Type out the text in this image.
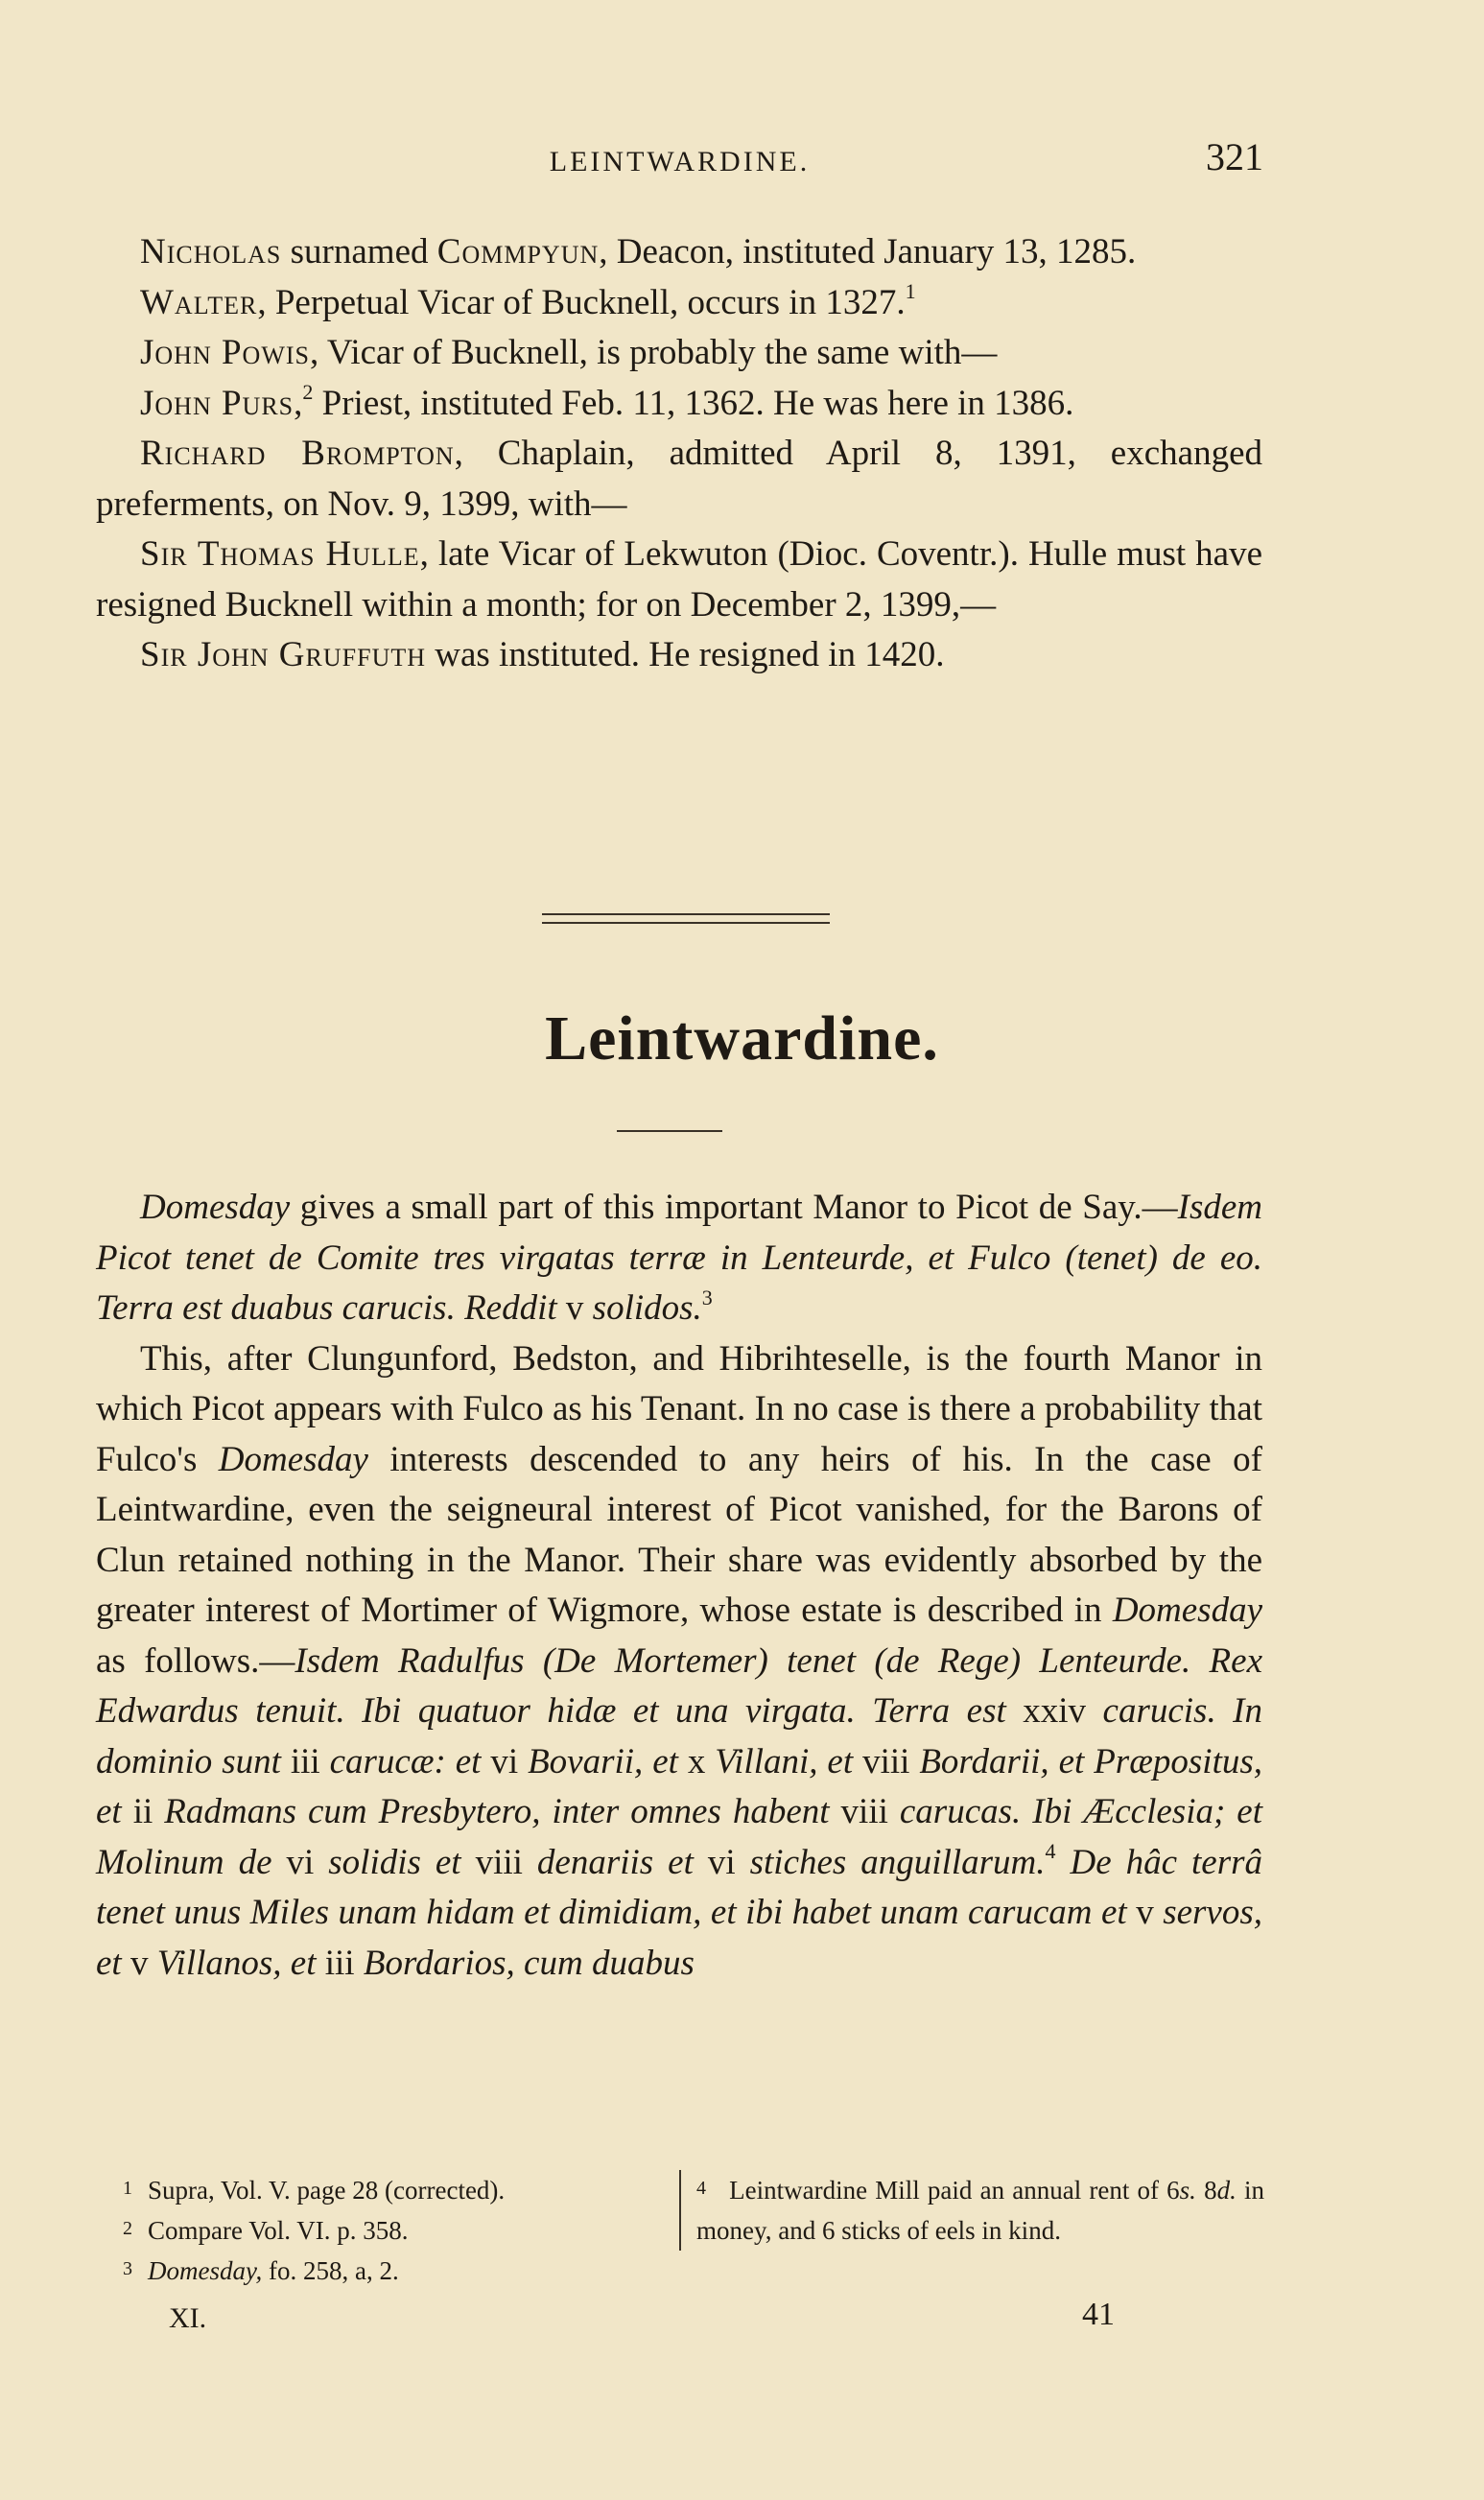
LEINTWARDINE.	321

Nicholas surnamed Commpyun, Deacon, instituted January 13, 1285.

Walter, Perpetual Vicar of Bucknell, occurs in 1327.$^1$

John Powis, Vicar of Bucknell, is probably the same with—

John Purs,$^2$ Priest, instituted Feb. 11, 1362. He was here in 1386.

Richard Brompton, Chaplain, admitted April 8, 1391, exchanged preferments, on Nov. 9, 1399, with—

Sir Thomas Hulle, late Vicar of Lekwuton (Dioc. Coventr.). Hulle must have resigned Bucknell within a month; for on December 2, 1399,—

Sir John Gruffuth was instituted. He resigned in 1420.

Leintwardine.

Domesday gives a small part of this important Manor to Picot de Say.—Isdem Picot tenet de Comite tres virgatas terræ in Lenteurde, et Fulco (tenet) de eo. Terra est duabus carucis. Reddit v solidos.$^3$

This, after Clungunford, Bedston, and Hibrihteselle, is the fourth Manor in which Picot appears with Fulco as his Tenant. In no case is there a probability that Fulco's Domesday interests descended to any heirs of his. In the case of Leintwardine, even the seigneural interest of Picot vanished, for the Barons of Clun retained nothing in the Manor. Their share was evidently absorbed by the greater interest of Mortimer of Wigmore, whose estate is described in Domesday as follows.—Isdem Radulfus (De Mortemer) tenet (de Rege) Lenteurde. Rex Edwardus tenuit. Ibi quatuor hidæ et una virgata. Terra est xxiv carucis. In dominio sunt iii carucæ: et vi Bovarii, et x Villani, et viii Bordarii, et Præpositus, et ii Radmans cum Presbytero, inter omnes habent viii carucas. Ibi Æcclesia; et Molinum de vi solidis et viii denariis et vi stiches anguillarum.$^4$ De hâc terrâ tenet unus Miles unam hidam et dimidiam, et ibi habet unam carucam et v servos, et v Villanos, et iii Bordarios, cum duabus

1 Supra, Vol. V. page 28 (corrected).

2 Compare Vol. VI. p. 358.

3 Domesday, fo. 258, a, 2.

4 Leintwardine Mill paid an annual rent of 6s. 8d. in money, and 6 sticks of eels in kind.

XI.	41
